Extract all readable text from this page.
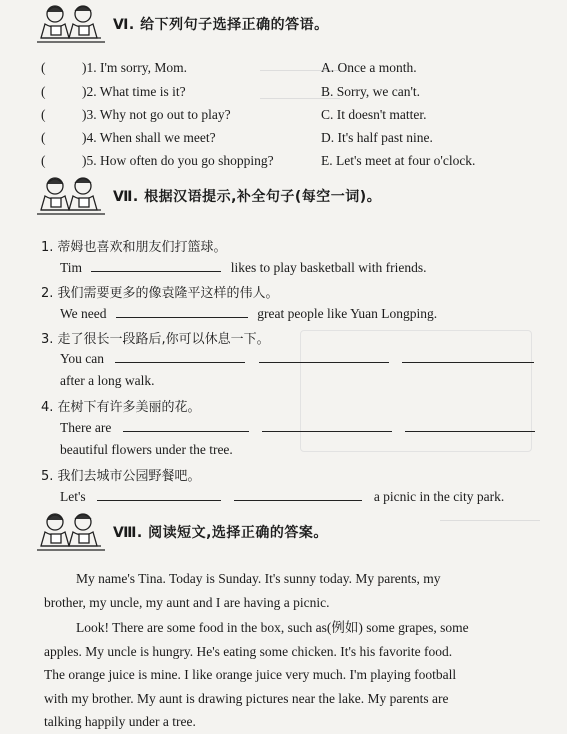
Ⅵ. 给下列句子选择正确的答语。
(	)1. I'm sorry, Mom.
(	)2. What time is it?
(	)3. Why not go out to play?
(	)4. When shall we meet?
(	)5. How often do you go shopping?
A. Once a month.
B. Sorry, we can't.
C. It doesn't matter.
D. It's half past nine.
E. Let's meet at four o'clock.
Ⅶ. 根据汉语提示,补全句子(每空一词)。
1. 蒂姆也喜欢和朋友们打篮球。
Tim	likes to play basketball with friends.
2. 我们需要更多的像袁隆平这样的伟人。
We need	great people like Yuan Longping.
3. 走了很长一段路后,你可以休息一下。
You can
after a long walk.
4. 在树下有许多美丽的花。
There are
beautiful flowers under the tree.
5. 我们去城市公园野餐吧。
Let's	a picnic in the city park.
Ⅷ. 阅读短文,选择正确的答案。
My name's Tina. Today is Sunday. It's sunny today. My parents, my
brother, my uncle, my aunt and I are having a picnic.
Look! There are some food in the box, such as(例如) some grapes, some
apples. My uncle is hungry. He's eating some chicken. It's his favorite food.
The orange juice is mine. I like orange juice very much. I'm playing football
with my brother. My aunt is drawing pictures near the lake. My parents are
talking happily under a tree.
